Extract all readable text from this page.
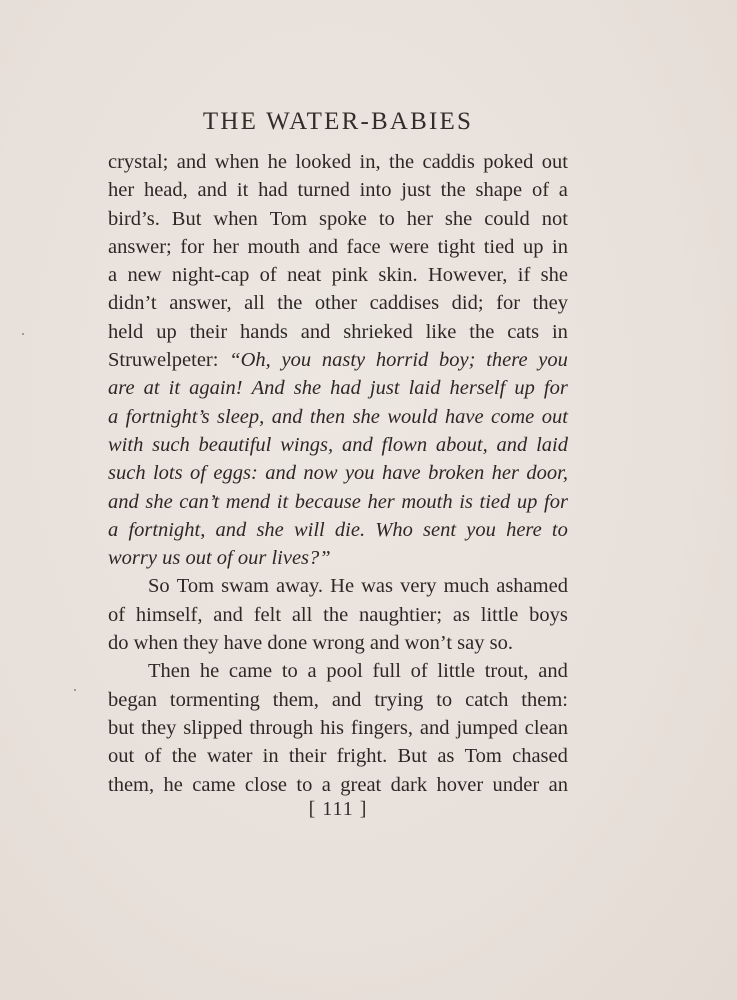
THE WATER-BABIES
crystal; and when he looked in, the caddis poked out
her head, and it had turned into just the shape of a
bird’s. But when Tom spoke to her she could not
answer; for her mouth and face were tight tied up in
a new night-cap of neat pink skin. However, if she
didn’t answer, all the other caddises did; for they
held up their hands and shrieked like the cats in
Struwelpeter: “Oh, you nasty horrid boy; there you
are at it again! And she had just laid herself up for
a fortnight’s sleep, and then she would have come out
with such beautiful wings, and flown about, and laid
such lots of eggs: and now you have broken her door,
and she can’t mend it because her mouth is tied up for
a fortnight, and she will die. Who sent you here to
worry us out of our lives?”
So Tom swam away. He was very much ashamed
of himself, and felt all the naughtier; as little boys
do when they have done wrong and won’t say so.
Then he came to a pool full of little trout, and
began tormenting them, and trying to catch them:
but they slipped through his fingers, and jumped clean
out of the water in their fright. But as Tom chased
them, he came close to a great dark hover under an
[ 111 ]
